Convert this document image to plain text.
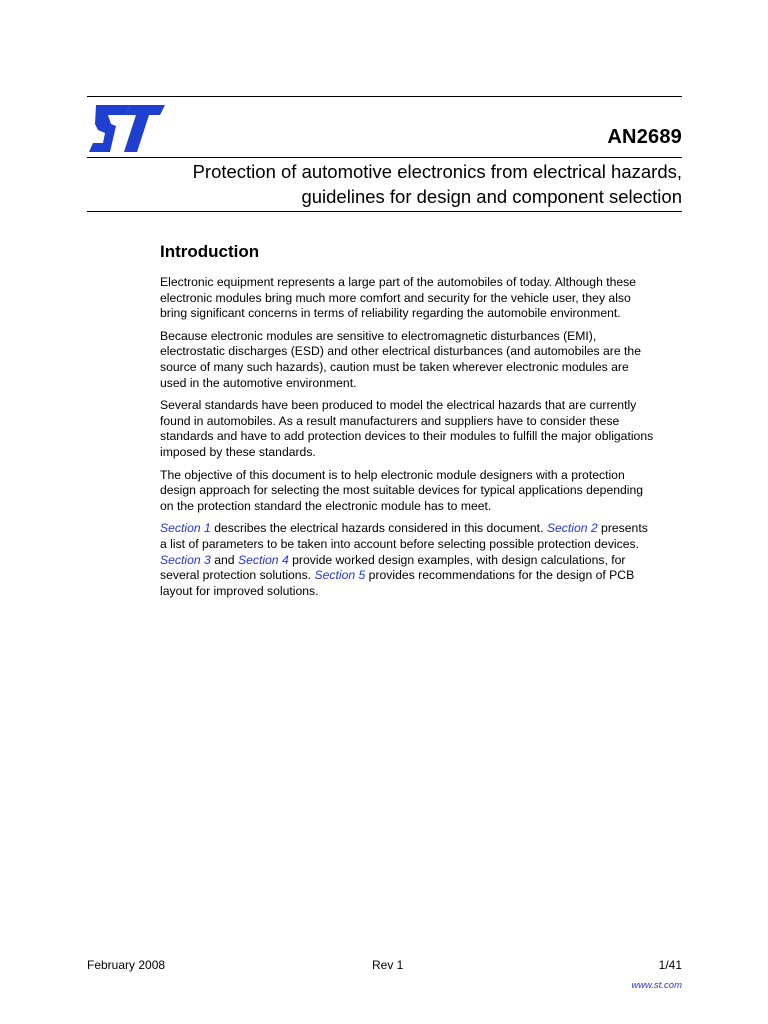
AN2689
Protection of automotive electronics from electrical hazards,
guidelines for design and component selection
Introduction

Electronic equipment represents a large part of the automobiles of today. Although these
electronic modules bring much more comfort and security for the vehicle user, they also
bring significant concerns in terms of reliability regarding the automobile environment.

Because electronic modules are sensitive to electromagnetic disturbances (EMI),
electrostatic discharges (ESD) and other electrical disturbances (and automobiles are the
source of many such hazards), caution must be taken wherever electronic modules are
used in the automotive environment.

Several standards have been produced to model the electrical hazards that are currently
found in automobiles. As a result manufacturers and suppliers have to consider these
standards and have to add protection devices to their modules to fulfill the major obligations
imposed by these standards.

The objective of this document is to help electronic module designers with a protection
design approach for selecting the most suitable devices for typical applications depending
on the protection standard the electronic module has to meet.

Section 1 describes the electrical hazards considered in this document. Section 2 presents
a list of parameters to be taken into account before selecting possible protection devices.
Section 3 and Section 4 provide worked design examples, with design calculations, for
several protection solutions. Section 5 provides recommendations for the design of PCB
layout for improved solutions.

February 2008	Rev 1	1/41
www.st.com
